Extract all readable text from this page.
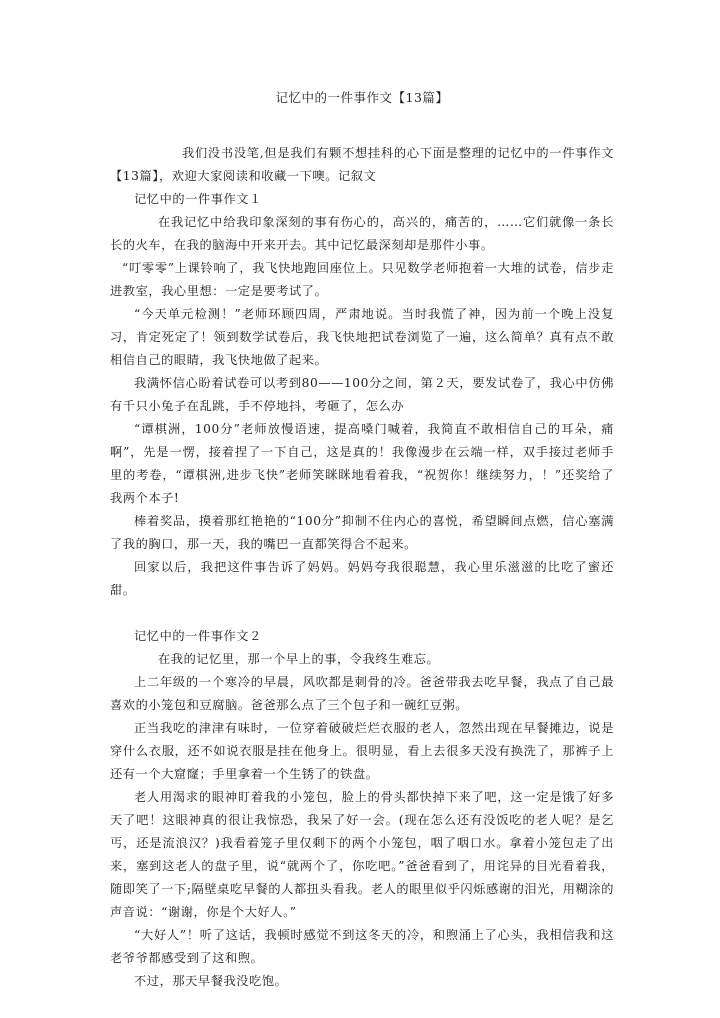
记忆中的一件事作文【13篇】

我们没书没笔,但是我们有颗不想挂科的心下面是整理的记忆中的一件事作文【13篇】，欢迎大家阅读和收藏一下噢。记叙文

记忆中的一件事作文１

在我记忆中给我印象深刻的事有伤心的，高兴的，痛苦的，……它们就像一条长长的火车，在我的脑海中开来开去。其中记忆最深刻却是那件小事。

“叮零零”上课铃响了，我飞快地跑回座位上。只见数学老师抱着一大堆的试卷，信步走进教室，我心里想：一定是要考试了。

“今天单元检测！”老师环顾四周，严肃地说。当时我慌了神，因为前一个晚上没复习，肯定死定了！领到数学试卷后，我飞快地把试卷浏览了一遍，这么简单？真有点不敢相信自己的眼睛，我飞快地做了起来。

我满怀信心盼着试卷可以考到80——100分之间，第２天，要发试卷了，我心中仿佛有千只小兔子在乱跳，手不停地抖，考砸了，怎么办

“谭棋洲，100分”老师放慢语速，提高嗓门喊着，我简直不敢相信自己的耳朵，痛啊”，先是一愣，接着捏了一下自己，这是真的！我像漫步在云端一样，双手接过老师手里的考卷，“谭棋洲,进步飞快”老师笑眯眯地看着我，“祝贺你！继续努力，！”还奖给了我两个本子!

棒着奖品，摸着那红艳艳的“100分”抑制不住内心的喜悦，希望瞬间点燃，信心塞满了我的胸口，那一天，我的嘴巴一直都笑得合不起来。

回家以后，我把这件事告诉了妈妈。妈妈夸我很聪慧，我心里乐滋滋的比吃了蜜还甜。

记忆中的一件事作文２

在我的记忆里，那一个早上的事，令我终生难忘。

上二年级的一个寒冷的早晨，风吹都是刺骨的冷。爸爸带我去吃早餐，我点了自己最喜欢的小笼包和豆腐脑。爸爸那么点了三个包子和一碗红豆粥。

正当我吃的津津有味时，一位穿着破破烂烂衣服的老人，忽然出现在早餐摊边，说是穿什么衣服，还不如说衣服是挂在他身上。很明显，看上去很多天没有换洗了，那裤子上还有一个大窟窿；手里拿着一个生锈了的铁盘。

老人用渴求的眼神盯着我的小笼包，脸上的骨头都快掉下来了吧，这一定是饿了好多天了吧！这眼神真的很让我惊恐，我呆了好一会。(现在怎么还有没饭吃的老人呢？是乞丐，还是流浪汉？)我看着笼子里仅剩下的两个小笼包，咽了咽口水。拿着小笼包走了出来，塞到这老人的盘子里，说“就两个了，你吃吧。”爸爸看到了，用诧异的目光看着我，随即笑了一下;隔壁桌吃早餐的人都扭头看我。老人的眼里似乎闪烁感谢的泪光，用糊涂的声音说：“谢谢，你是个大好人。”

“大好人”！听了这话，我顿时感觉不到这冬天的冷，和煦涌上了心头，我相信我和这老爷爷都感受到了这和煦。

不过，那天早餐我没吃饱。
